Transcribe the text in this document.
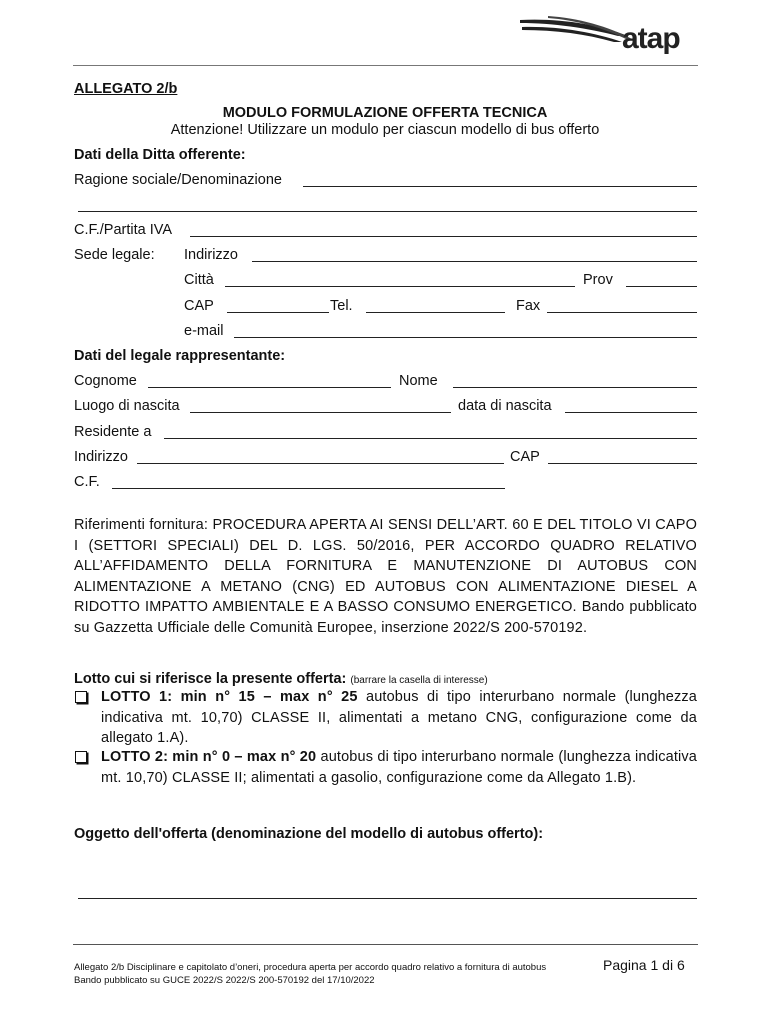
atap
ALLEGATO 2/b
MODULO FORMULAZIONE OFFERTA TECNICA
Attenzione! Utilizzare un modulo per ciascun modello di bus offerto
Dati della Ditta offerente:
Ragione sociale/Denominazione
C.F./Partita IVA
Sede legale: Indirizzo
Città	Prov
CAP	Tel.	Fax
e-mail
Dati del legale rappresentante:
Cognome	Nome
Luogo di nascita	data di nascita
Residente a
Indirizzo	CAP
C.F.
Riferimenti fornitura: PROCEDURA APERTA AI SENSI DELL’ART. 60 E DEL TITOLO VI CAPO I (SETTORI SPECIALI) DEL D. LGS. 50/2016, PER ACCORDO QUADRO RELATIVO ALL’AFFIDAMENTO DELLA FORNITURA E MANUTENZIONE DI AUTOBUS CON ALIMENTAZIONE A METANO (CNG) ED AUTOBUS CON ALIMENTAZIONE DIESEL A RIDOTTO IMPATTO AMBIENTALE E A BASSO CONSUMO ENERGETICO. Bando pubblicato su Gazzetta Ufficiale delle Comunità Europee, inserzione 2022/S 200-570192.
Lotto cui si riferisce la presente offerta: (barrare la casella di interesse)
LOTTO 1: min n° 15 – max n° 25 autobus di tipo interurbano normale (lunghezza indicativa mt. 10,70) CLASSE II, alimentati a metano CNG, configurazione come da allegato 1.A).
LOTTO 2: min n° 0 – max n° 20 autobus di tipo interurbano normale (lunghezza indicativa mt. 10,70) CLASSE II; alimentati a gasolio, configurazione come da Allegato 1.B).
Oggetto dell'offerta (denominazione del modello di autobus offerto):
Allegato 2/b Disciplinare e capitolato d’oneri, procedura aperta per accordo quadro relativo a fornitura di autobus
Bando pubblicato su GUCE 2022/S 2022/S 200-570192 del 17/10/2022
Pagina 1 di 6
